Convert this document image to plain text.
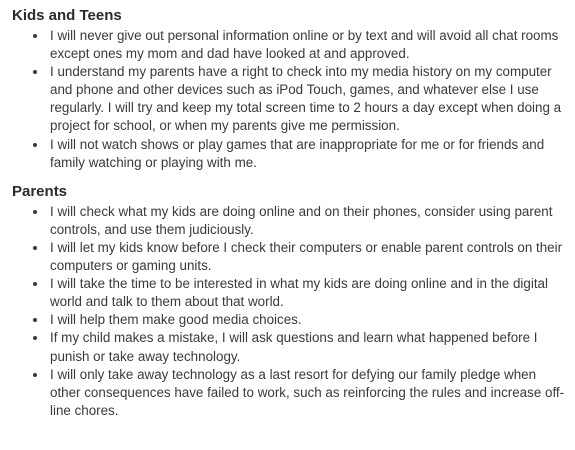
Kids and Teens
I will never give out personal information online or by text and will avoid all chat rooms except ones my mom and dad have looked at and approved.
I understand my parents have a right to check into my media history on my computer and phone and other devices such as iPod Touch, games, and whatever else I use regularly. I will try and keep my total screen time to 2 hours a day except when doing a project for school, or when my parents give me permission.
I will not watch shows or play games that are inappropriate for me or for friends and family watching or playing with me.
Parents
I will check what my kids are doing online and on their phones, consider using parent controls, and use them judiciously.
I will let my kids know before I check their computers or enable parent controls on their computers or gaming units.
I will take the time to be interested in what my kids are doing online and in the digital world and talk to them about that world.
I will help them make good media choices.
If my child makes a mistake, I will ask questions and learn what happened before I punish or take away technology.
I will only take away technology as a last resort for defying our family pledge when other consequences have failed to work, such as reinforcing the rules and increase off-line chores.
